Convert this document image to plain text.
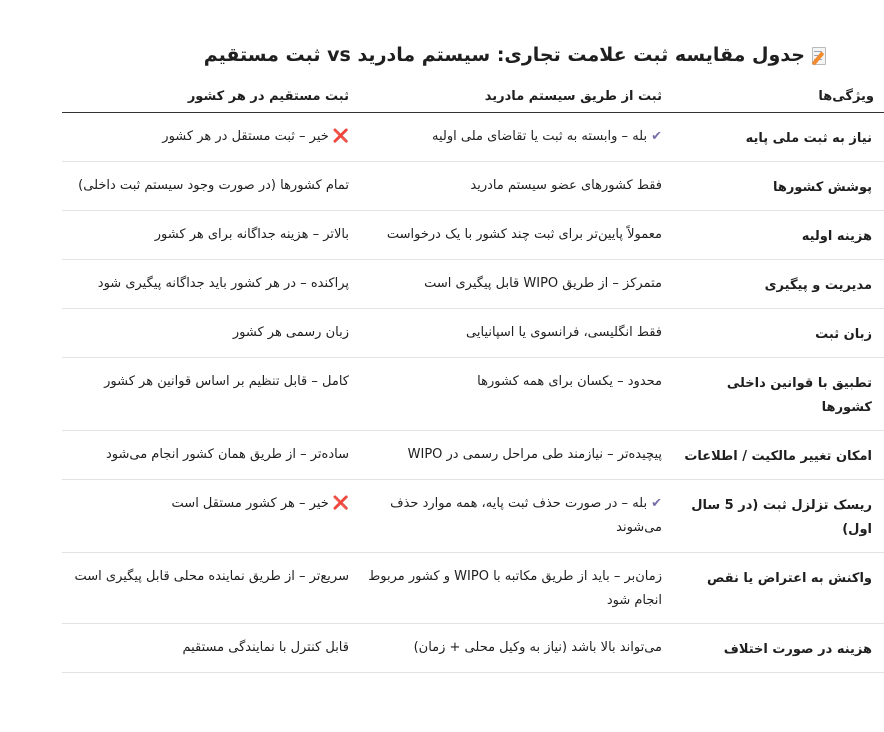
جدول مقایسه ثبت علامت تجاری: سیستم مادرید vs ثبت مستقیم
ویژگی‌ها	ثبت از طریق سیستم مادرید	ثبت مستقیم در هر کشور
نیاز به ثبت ملی پایه	✔بله – وابسته به ثبت یا تقاضای ملی اولیه	❌خیر – ثبت مستقل در هر کشور
پوشش کشورها	فقط کشورهای عضو سیستم مادرید	تمام کشورها (در صورت وجود سیستم ثبت داخلی)
هزینه اولیه	معمولاً پایین‌تر برای ثبت چند کشور با یک درخواست	بالاتر – هزینه جداگانه برای هر کشور
مدیریت و پیگیری	متمرکز – از طریق WIPO قابل پیگیری است	پراکنده – در هر کشور باید جداگانه پیگیری شود
زبان ثبت	فقط انگلیسی، فرانسوی یا اسپانیایی	زبان رسمی هر کشور
تطبیق با قوانین داخلی کشورها	محدود – یکسان برای همه کشورها	کامل – قابل تنظیم بر اساس قوانین هر کشور
امکان تغییر مالکیت / اطلاعات	پیچیده‌تر – نیازمند طی مراحل رسمی در WIPO	ساده‌تر – از طریق همان کشور انجام می‌شود
ریسک تزلزل ثبت (در 5 سال اول)	✔بله – در صورت حذف ثبت پایه، همه موارد حذف می‌شوند	❌خیر – هر کشور مستقل است
واکنش به اعتراض یا نقص	زمان‌بر – باید از طریق مکاتبه با WIPO و کشور مربوط انجام شود	سریع‌تر – از طریق نماینده محلی قابل پیگیری است
هزینه در صورت اختلاف	می‌تواند بالا باشد (نیاز به وکیل محلی + زمان)	قابل کنترل با نمایندگی مستقیم
